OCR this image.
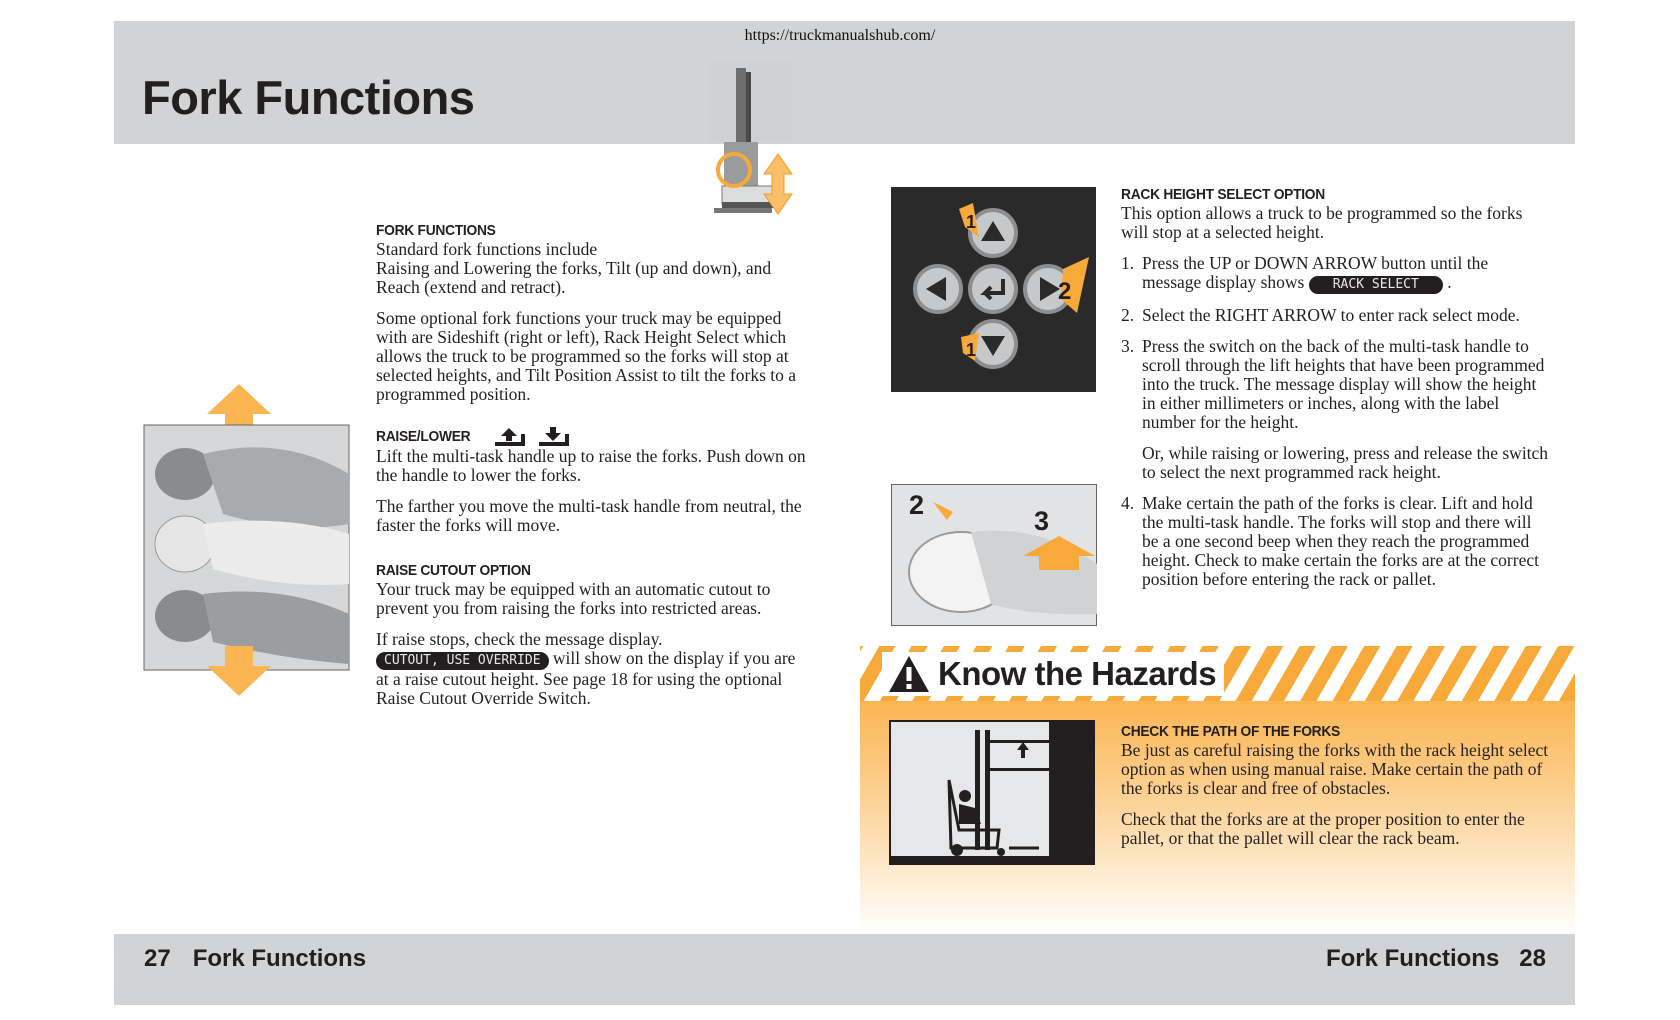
https://truckmanualshub.com/
Fork Functions
FORK FUNCTIONS
Standard fork functions include
Raising and Lowering the forks, Tilt (up and down), and Reach (extend and retract).
Some optional fork functions your truck may be equipped with are Sideshift (right or left), Rack Height Select which allows the truck to be programmed so the forks will stop at selected heights, and Tilt Position Assist to tilt the forks to a programmed position.
RAISE/LOWER
Lift the multi-task handle up to raise the forks. Push down on the handle to lower the forks.
The farther you move the multi-task handle from neutral, the faster the forks will move.
RAISE CUTOUT OPTION
Your truck may be equipped with an automatic cutout to prevent you from raising the forks into restricted areas.
If raise stops, check the message display.
CUTOUT, USE OVERRIDE will show on the display if you are at a raise cutout height. See page 18 for using the optional Raise Cutout Override Switch.
1
2
1
2
3
RACK HEIGHT SELECT OPTION
This option allows a truck to be programmed so the forks will stop at a selected height.
1. Press the UP or DOWN ARROW button until the message display shows RACK SELECT .
2. Select the RIGHT ARROW to enter rack select mode.
3. Press the switch on the back of the multi-task handle to scroll through the lift heights that have been programmed into the truck. The message display will show the height in either millimeters or inches, along with the label number for the height.
Or, while raising or lowering, press and release the switch to select the next programmed rack height.
4. Make certain the path of the forks is clear. Lift and hold the multi-task handle. The forks will stop and there will be a one second beep when they reach the programmed height. Check to make certain the forks are at the correct position before entering the rack or pallet.
Know the Hazards
CHECK THE PATH OF THE FORKS
Be just as careful raising the forks with the rack height select option as when using manual raise. Make certain the path of the forks is clear and free of obstacles.
Check that the forks are at the proper position to enter the pallet, or that the pallet will clear the rack beam.
27 Fork Functions	Fork Functions 28
